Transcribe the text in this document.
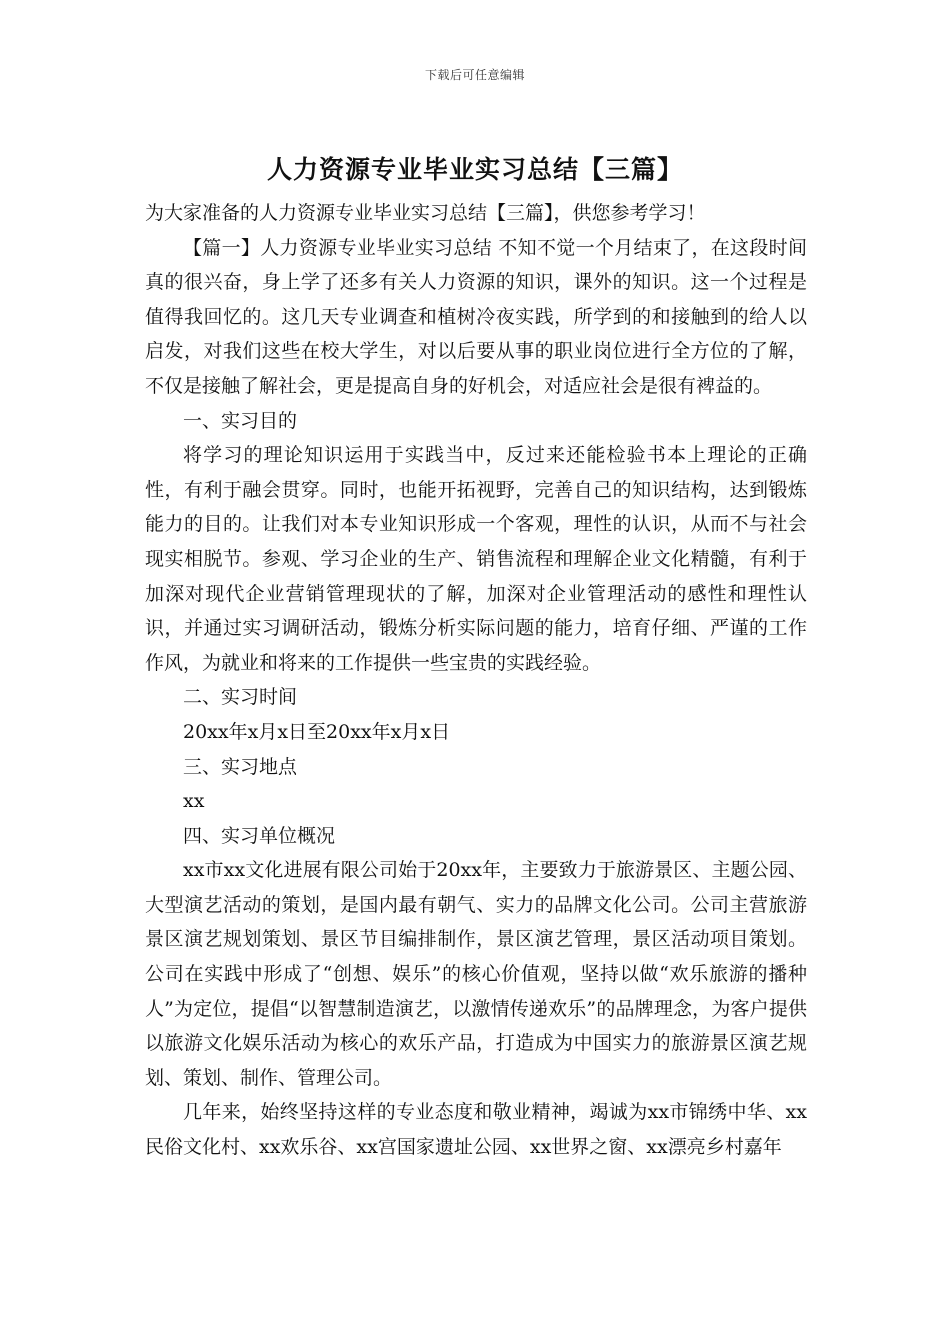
下载后可任意编辑
人力资源专业毕业实习总结【三篇】

为大家准备的人力资源专业毕业实习总结【三篇】，供您参考学习！

【篇一】人力资源专业毕业实习总结 不知不觉一个月结束了，在这段时间真的很兴奋，身上学了还多有关人力资源的知识，课外的知识。这一个过程是值得我回忆的。这几天专业调查和植树冷夜实践，所学到的和接触到的给人以启发，对我们这些在校大学生，对以后要从事的职业岗位进行全方位的了解，不仅是接触了解社会，更是提高自身的好机会，对适应社会是很有裨益的。

一、实习目的

将学习的理论知识运用于实践当中，反过来还能检验书本上理论的正确性，有利于融会贯穿。同时，也能开拓视野，完善自己的知识结构，达到锻炼能力的目的。让我们对本专业知识形成一个客观，理性的认识，从而不与社会现实相脱节。参观、学习企业的生产、销售流程和理解企业文化精髓，有利于加深对现代企业营销管理现状的了解，加深对企业管理活动的感性和理性认识，并通过实习调研活动，锻炼分析实际问题的能力，培育仔细、严谨的工作作风，为就业和将来的工作提供一些宝贵的实践经验。

二、实习时间

20xx年x月x日至20xx年x月x日

三、实习地点

xx

四、实习单位概况

xx市xx文化进展有限公司始于20xx年，主要致力于旅游景区、主题公园、大型演艺活动的策划，是国内最有朝气、实力的品牌文化公司。公司主营旅游景区演艺规划策划、景区节目编排制作，景区演艺管理，景区活动项目策划。公司在实践中形成了“创想、娱乐”的核心价值观，坚持以做“欢乐旅游的播种人”为定位，提倡“以智慧制造演艺，以激情传递欢乐”的品牌理念，为客户提供以旅游文化娱乐活动为核心的欢乐产品，打造成为中国实力的旅游景区演艺规划、策划、制作、管理公司。

几年来，始终坚持这样的专业态度和敬业精神，竭诚为xx市锦绣中华、xx民俗文化村、xx欢乐谷、xx宫国家遗址公园、xx世界之窗、xx漂亮乡村嘉年
